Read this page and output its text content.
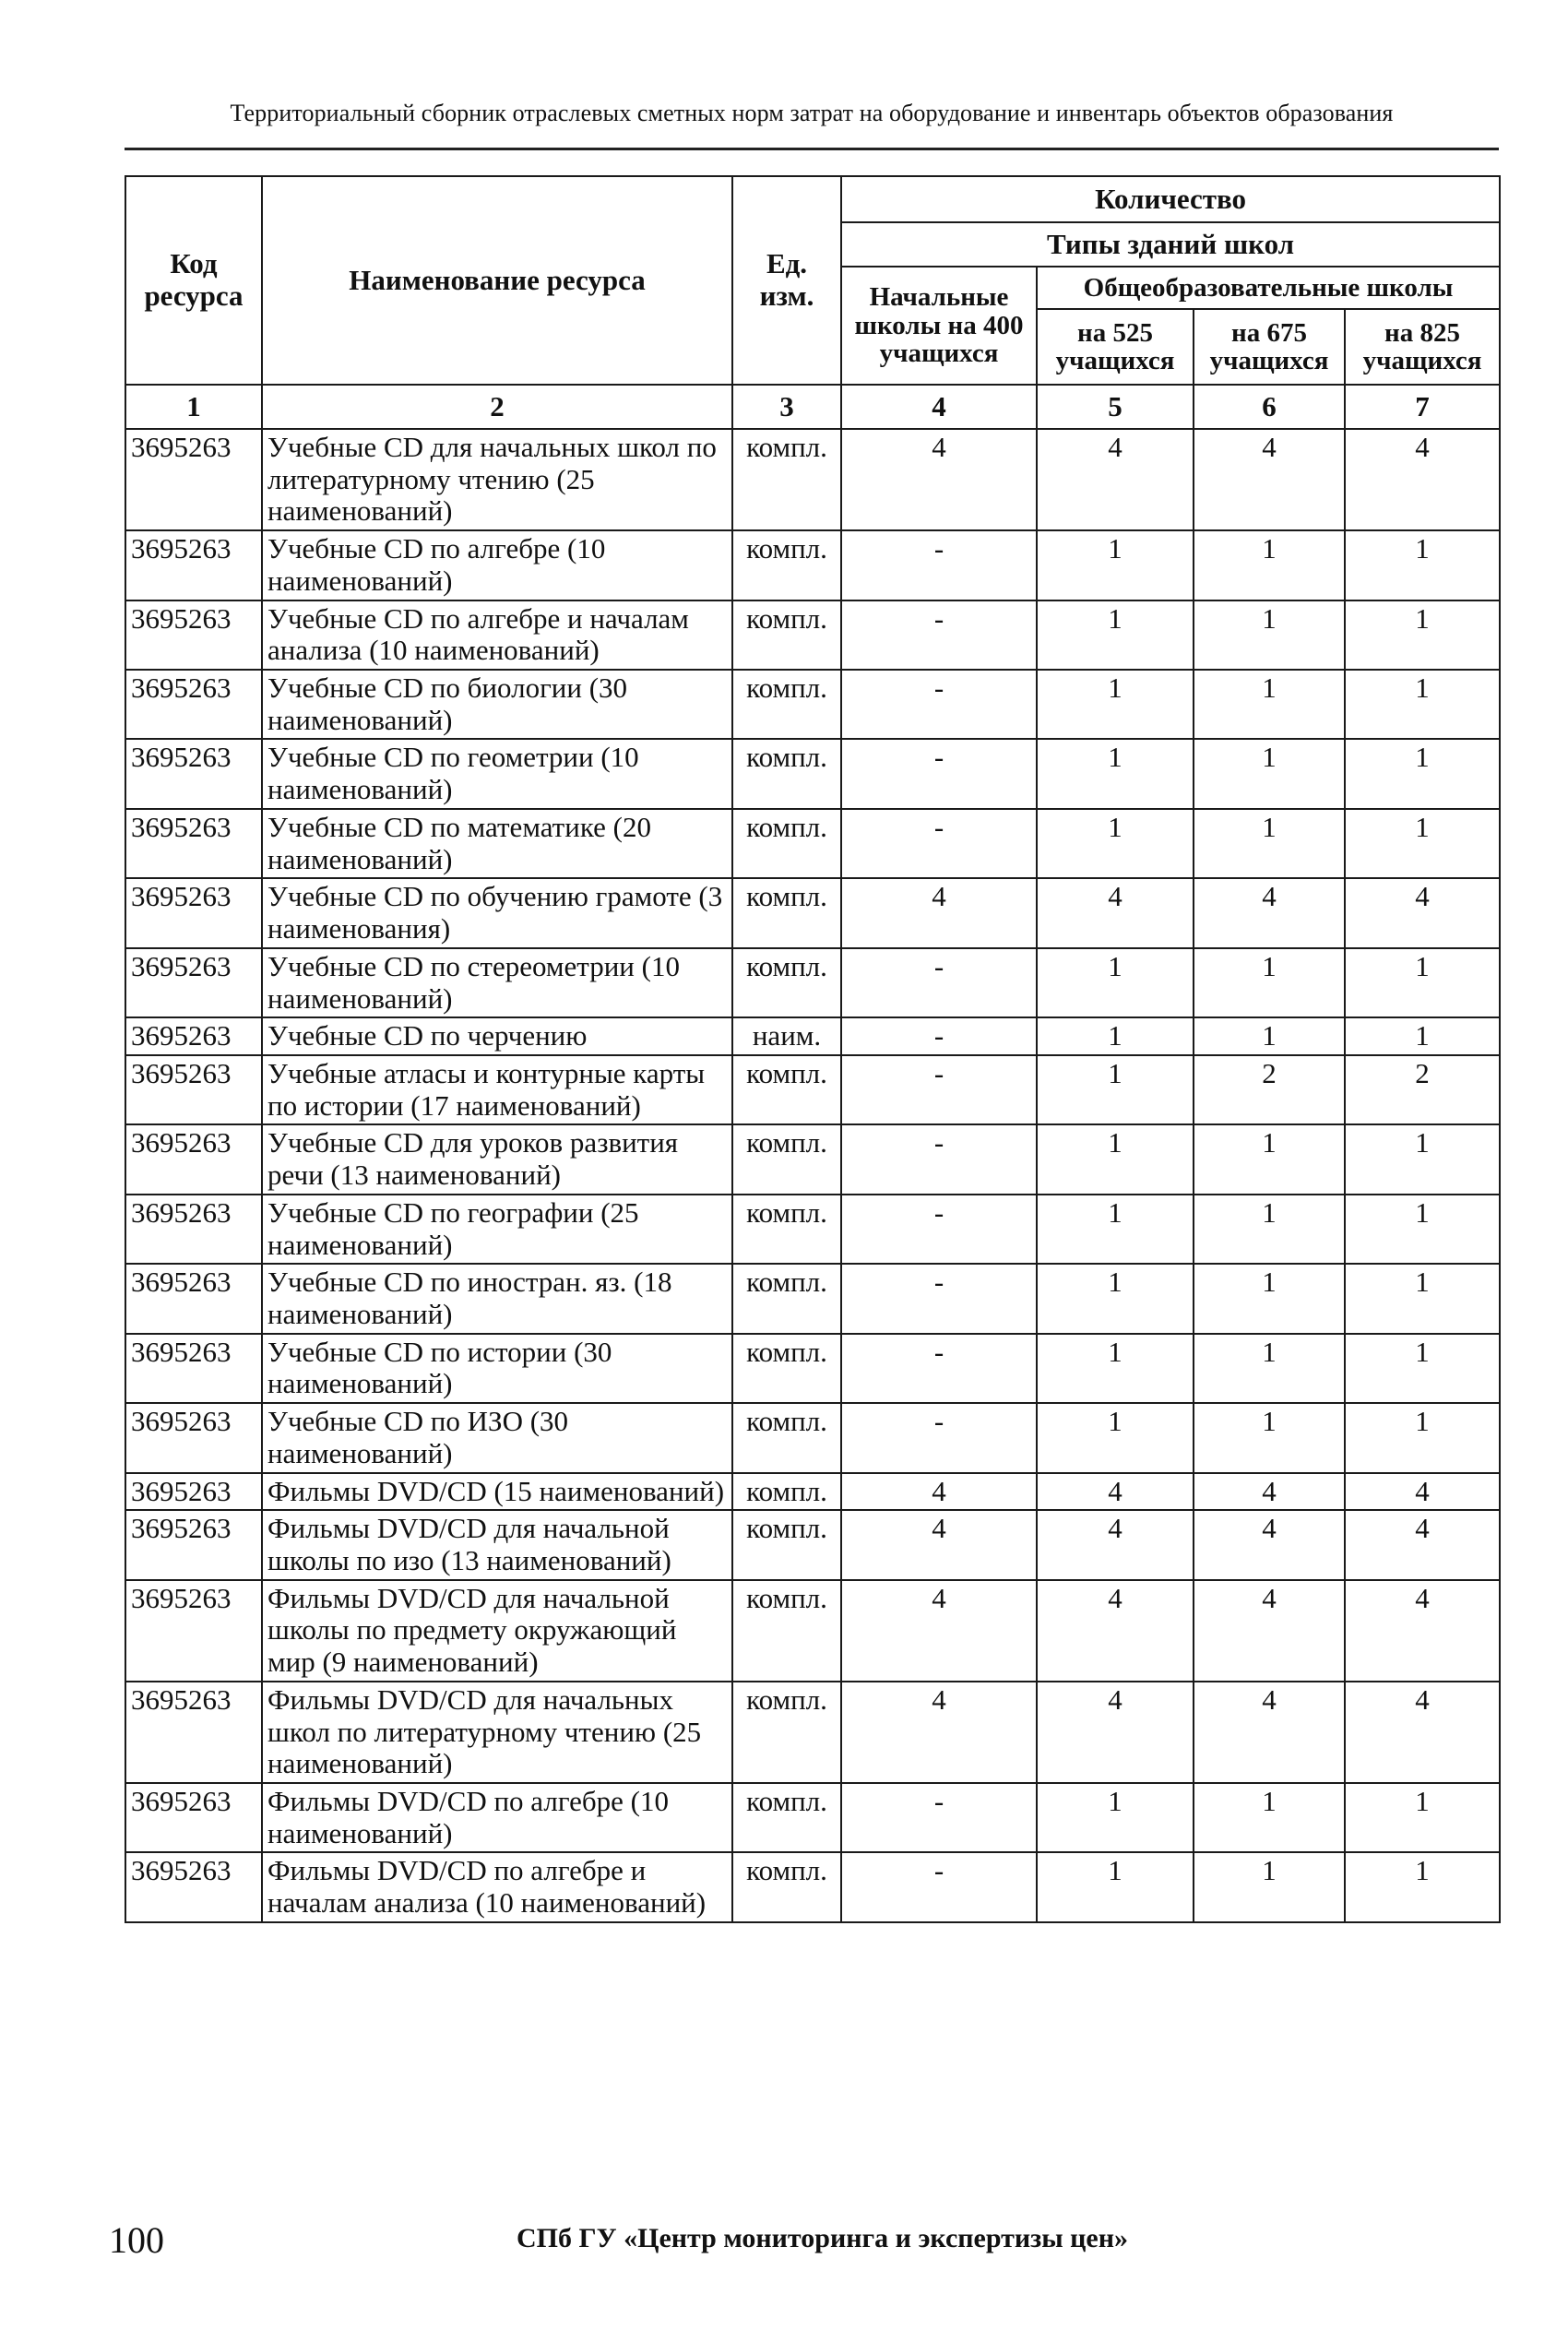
Территориальный сборник отраслевых сметных норм затрат на оборудование и инвентарь объектов образования
Код ресурса	Наименование ресурса	Ед. изм.	Количество			
			Типы зданий школ			
			Начальные школы на 400 учащихся	Общеобразовательные школы		
				на 525 учащихся	на 675 учащихся	на 825 учащихся
1	2	3	4	5	6	7
3695263	Учебные CD для начальных школ по литературному чтению (25 наименований)	компл.	4	4	4	4
3695263	Учебные CD по алгебре (10 наименований)	компл.	-	1	1	1
3695263	Учебные CD по алгебре и началам анализа (10 наименований)	компл.	-	1	1	1
3695263	Учебные CD по биологии (30 наименований)	компл.	-	1	1	1
3695263	Учебные CD по геометрии (10 наименований)	компл.	-	1	1	1
3695263	Учебные CD по математике (20 наименований)	компл.	-	1	1	1
3695263	Учебные CD по обучению грамоте (3 наименования)	компл.	4	4	4	4
3695263	Учебные CD по стереометрии (10 наименований)	компл.	-	1	1	1
3695263	Учебные CD по черчению	наим.	-	1	1	1
3695263	Учебные атласы и контурные карты по истории (17 наименований)	компл.	-	1	2	2
3695263	Учебные CD для уроков развития речи (13 наименований)	компл.	-	1	1	1
3695263	Учебные CD по географии (25 наименований)	компл.	-	1	1	1
3695263	Учебные CD по иностран. яз. (18 наименований)	компл.	-	1	1	1
3695263	Учебные CD по истории (30 наименований)	компл.	-	1	1	1
3695263	Учебные CD по ИЗО (30 наименований)	компл.	-	1	1	1
3695263	Фильмы DVD/CD (15 наименований)	компл.	4	4	4	4
3695263	Фильмы DVD/CD для начальной школы по изо (13 наименований)	компл.	4	4	4	4
3695263	Фильмы DVD/CD для начальной школы по предмету окружающий мир (9 наименований)	компл.	4	4	4	4
3695263	Фильмы DVD/CD для начальных школ по литературному чтению (25 наименований)	компл.	4	4	4	4
3695263	Фильмы DVD/CD по алгебре (10 наименований)	компл.	-	1	1	1
3695263	Фильмы DVD/CD по алгебре и началам анализа (10 наименований)	компл.	-	1	1	1
100	СПб ГУ «Центр мониторинга и экспертизы цен»
